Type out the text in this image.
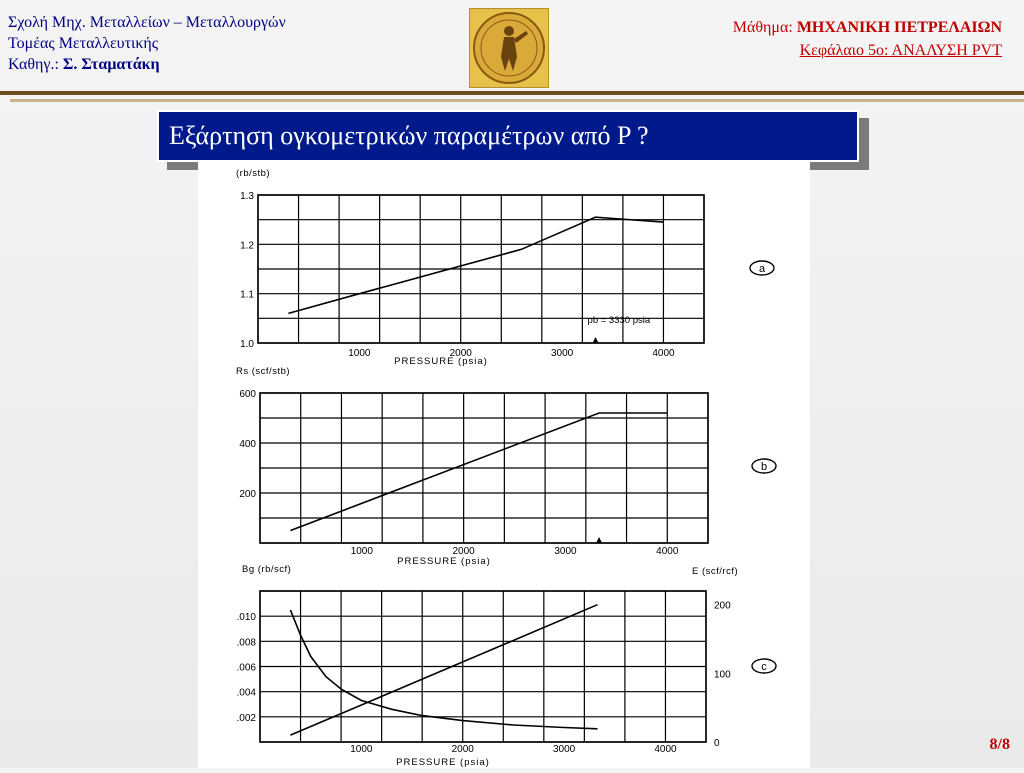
Σχολή Μηχ. Μεταλλείων – Μεταλλουργών
Τομέας Μεταλλευτικής
Καθηγ.: Σ. Σταματάκη
Μάθημα: ΜΗΧΑΝΙΚΗ ΠΕΤΡΕΛΑΙΩΝ
Κεφάλαιο 5ο: ΑΝΑΛΥΣΗ PVT
Εξάρτηση ογκομετρικών παραμέτρων από P ?
1000	2000	3000	4000
PRESSURE (psia)
1.0
1.1
1.2
1.3
(rb/stb)
pb = 3330 psia
a
1000	2000	3000	4000
PRESSURE (psia)
200
400
600
Rs (scf/stb)
b
1000	2000	3000	4000
PRESSURE (psia)
.002
.004
.006
.008
.010
Bg (rb/scf)
0
100
200
E (scf/rcf)
c
8/8
